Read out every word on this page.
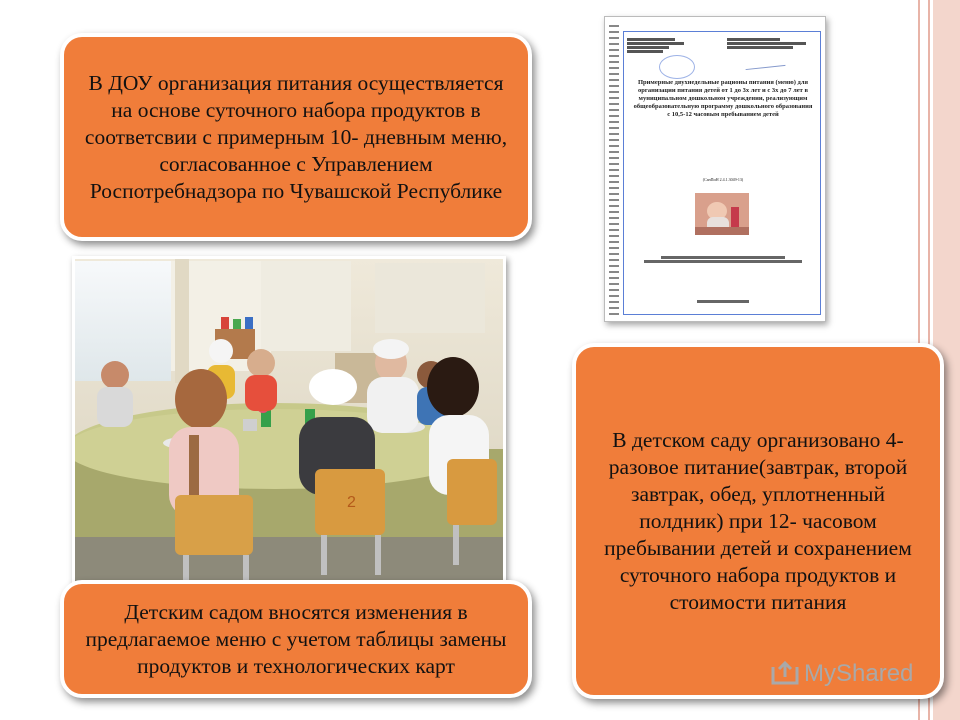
В ДОУ организация питания осуществляется на основе суточного набора продуктов в соответсвии с примерным 10- дневным меню, согласованное с Управлением Роспотребнадзора по Чувашской Республике
2
Примерные двухнедельные рационы питания (меню) для организации питания детей от 1 до 3х лет и с 3х до 7 лет в муниципальном дошкольном учреждении, реализующим общеобразовательную программу дошкольного образования с 10,5-12 часовым пребыванием детей
(СанПиН 2.4.1.3049-13)
В детском саду организовано 4- разовое питание(завтрак, второй завтрак, обед, уплотненный полдник) при 12- часовом пребывании детей и сохранением суточного набора продуктов и стоимости питания
Детским садом вносятся изменения в предлагаемое меню с учетом таблицы замены продуктов и технологических карт	MyShared
